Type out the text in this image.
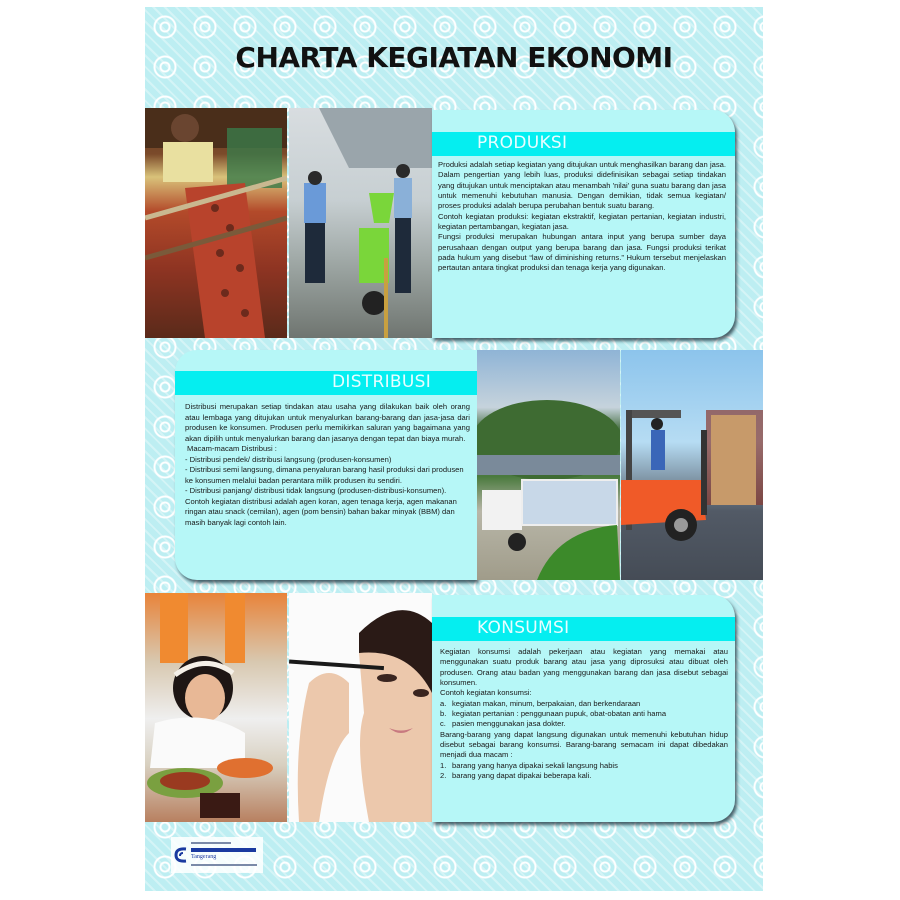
CHARTA KEGIATAN EKONOMI
PRODUKSI

Produksi adalah setiap kegiatan yang ditujukan untuk menghasilkan barang dan jasa. Dalam pengertian yang lebih luas, produksi didefinisikan sebagai setiap tindakan yang ditujukan untuk menciptakan atau menambah 'nilai' guna suatu barang dan jasa untuk memenuhi kebutuhan manusia. Dengan demikian, tidak semua kegiatan/ proses produksi adalah berupa perubahan bentuk suatu barang.

Contoh kegiatan produksi: kegiatan ekstraktif, kegiatan pertanian, kegiatan industri, kegiatan pertambangan, kegiatan jasa.

Fungsi produksi merupakan hubungan antara input yang berupa sumber daya perusahaan dengan output yang berupa barang dan jasa. Fungsi produksi terikat pada hukum yang disebut “law of diminishing returns.” Hukum tersebut menjelaskan pertautan antara tingkat produksi dan tenaga kerja yang digunakan.

DISTRIBUSI

Distribusi merupakan setiap tindakan atau usaha yang dilakukan baik oleh orang atau lembaga yang ditujukan untuk menyalurkan barang-barang dan jasa-jasa dari produsen ke konsumen. Produsen perlu memikirkan saluran yang bagaimana yang akan dipilih untuk menyalurkan barang dan jasanya dengan tepat dan biaya murah.

Macam-macam Distribusi :

- Distribusi pendek/ distribusi langsung (produsen-konsumen)

- Distribusi semi langsung, dimana penyaluran barang hasil produksi dari produsen ke konsumen melalui badan perantara milik produsen itu sendiri.

- Distribusi panjang/ distribusi tidak langsung (produsen-distribusi-konsumen).

Contoh kegiatan distribusi adalah agen koran, agen tenaga kerja, agen makanan ringan atau snack (cemilan), agen (pom bensin) bahan bakar minyak (BBM) dan masih banyak lagi contoh lain.

KONSUMSI

Kegiatan konsumsi adalah pekerjaan atau kegiatan yang memakai atau menggunakan suatu produk barang atau jasa yang diprosuksi atau dibuat oleh produsen. Orang atau badan yang menggunakan barang dan jasa disebut sebagai konsumen.

Contoh kegiatan konsumsi:

a. kegiatan makan, minum, berpakaian, dan berkendaraan

b. kegiatan pertanian : penggunaan pupuk, obat-obatan anti hama

c. pasien menggunakan jasa dokter.

Barang-barang yang dapat langsung digunakan untuk memenuhi kebutuhan hidup disebut sebagai barang konsumsi. Barang-barang semacam ini dapat dibedakan menjadi dua macam :

1. barang yang hanya dipakai sekali langsung habis

2. barang yang dapat dipakai beberapa kali.

Tangerang
